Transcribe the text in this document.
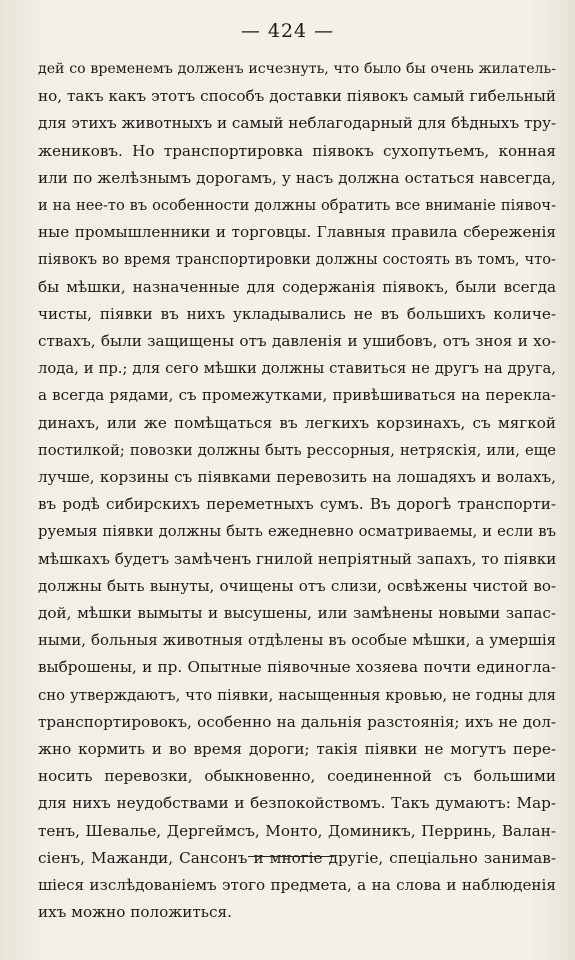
— 424 —
дей со временемъ долженъ исчезнуть, что было бы очень жилатель-
но, такъ какъ этотъ способъ доставки піявокъ самый гибельный
для этихъ животныхъ и самый неблагодарный для бѣдныхъ тру-
жениковъ. Но транспортировка піявокъ сухопутьемъ, конная
или по желѣзнымъ дорогамъ, у насъ должна остаться навсегда,
и на нее-то въ особенности должны обратить все вниманіе піявоч-
ные промышленники и торговцы. Главныя правила сбереженія
піявокъ во время транспортировки должны состоять въ томъ, что-
бы мѣшки, назначенные для содержанія піявокъ, были всегда
чисты, піявки въ нихъ укладывались не въ большихъ количе-
ствахъ, были защищены отъ давленія и ушибовъ, отъ зноя и хо-
лода, и пр.; для сего мѣшки должны ставиться не другъ на друга,
а всегда рядами, съ промежутками, привѣшиваться на перекла-
динахъ, или же помѣщаться въ легкихъ корзинахъ, съ мягкой
постилкой; повозки должны быть рессорныя, нетряскія, или, еще
лучше, корзины съ піявками перевозить на лошадяхъ и волахъ,
въ родѣ сибирскихъ переметныхъ сумъ. Въ дорогѣ транспорти-
руемыя піявки должны быть ежедневно осматриваемы, и если въ
мѣшкахъ будетъ замѣченъ гнилой непріятный запахъ, то піявки
должны быть вынуты, очищены отъ слизи, освѣжены чистой во-
дой, мѣшки вымыты и высушены, или замѣнены новыми запас-
ными, больныя животныя отдѣлены въ особые мѣшки, а умершія
выброшены, и пр. Опытные піявочные хозяева почти единогла-
сно утверждаютъ, что піявки, насыщенныя кровью, не годны для
транспортировокъ, особенно на дальнія разстоянія; ихъ не дол-
жно кормить и во время дороги; такія піявки не могутъ пере-
носить перевозки, обыкновенно, соединенной съ большими
для нихъ неудобствами и безпокойствомъ. Такъ думаютъ: Мар-
тенъ, Шевалье, Дергеймсъ, Монто, Доминикъ, Перринь, Валан-
сіенъ, Мажанди, Сансонъ и многіе другіе, спеціально занимав-
шіеся изслѣдованіемъ этого предмета, а на слова и наблюденія
ихъ можно положиться.
